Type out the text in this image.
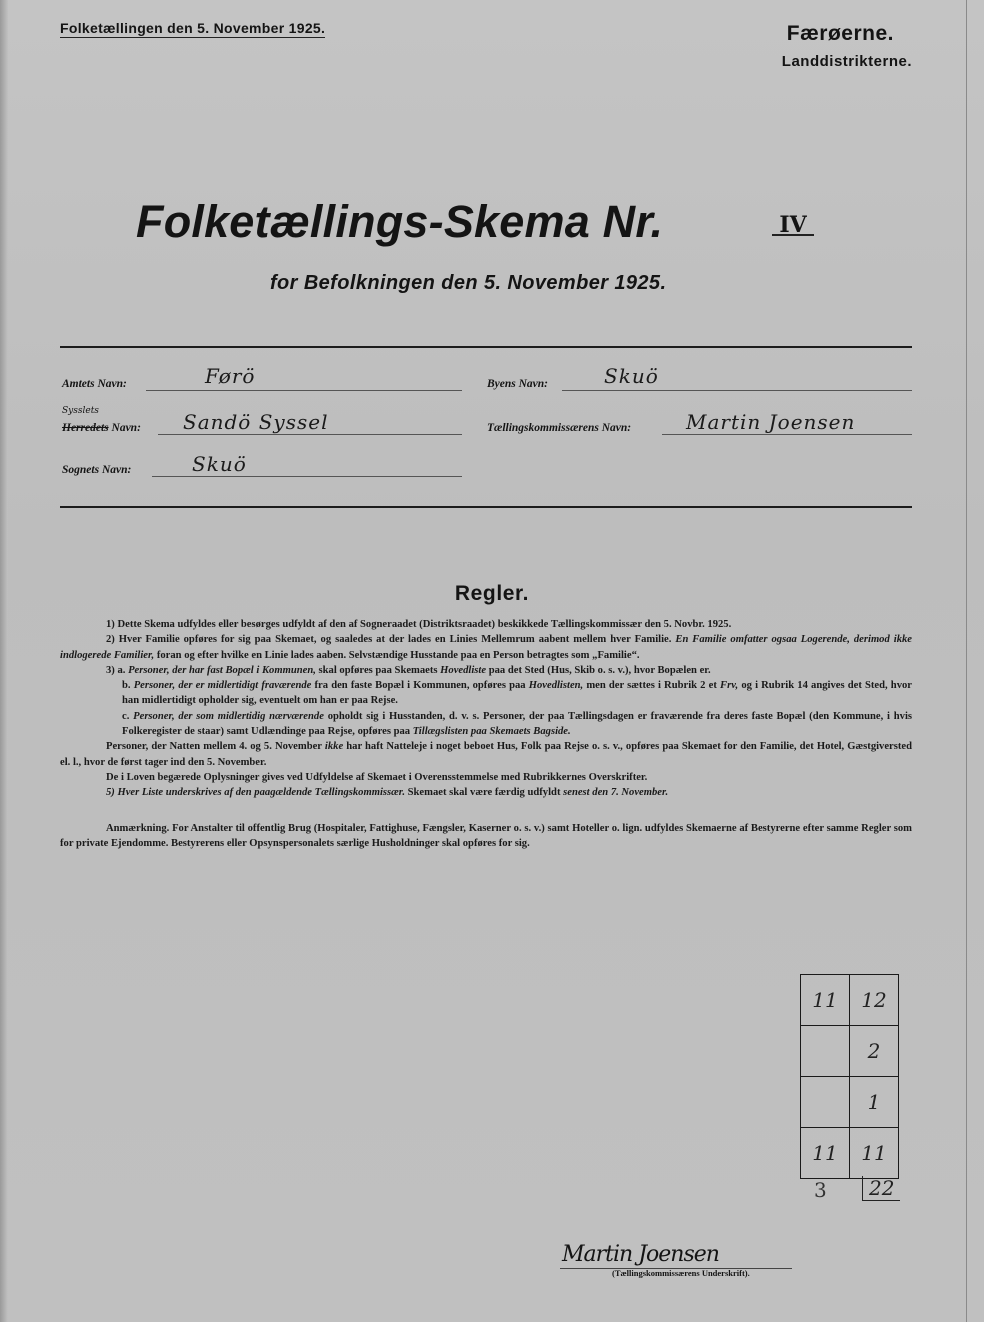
Folketællingen den 5. November 1925.	Færøerne.
Landdistrikterne.
Folketællings-Skema Nr.	IV
for Befolkningen den 5. November 1925.
Amtets Navn:	Førö
Sysslets
Herredets Navn: Sandö Syssel
Sognets Navn:	Skuö
Byens Navn:	Skuö
Tællingskommissærens Navn:	Martin Joensen
Regler.

1) Dette Skema udfyldes eller besørges udfyldt af den af Sogneraadet (Distriktsraadet) beskikkede Tællingskommissær den 5. Novbr. 1925.

2) Hver Familie opføres for sig paa Skemaet, og saaledes at der lades en Linies Mellemrum aabent mellem hver Familie. En Familie omfatter ogsaa Logerende, derimod ikke indlogerede Familier, foran og efter hvilke en Linie lades aaben. Selvstændige Husstande paa en Person betragtes som „Familie“.

3) a. Personer, der har fast Bopæl i Kommunen, skal opføres paa Skemaets Hovedliste paa det Sted (Hus, Skib o. s. v.), hvor Bopælen er.

b. Personer, der er midlertidigt fraværende fra den faste Bopæl i Kommunen, opføres paa Hovedlisten, men der sættes i Rubrik 2 et Frv, og i Rubrik 14 angives det Sted, hvor han midlertidigt opholder sig, eventuelt om han er paa Rejse.

c. Personer, der som midlertidig nærværende opholdt sig i Husstanden, d. v. s. Personer, der paa Tællingsdagen er fraværende fra deres faste Bopæl (den Kommune, i hvis Folkeregister de staar) samt Udlændinge paa Rejse, opføres paa Tillægslisten paa Skemaets Bagside.

Personer, der Natten mellem 4. og 5. November ikke har haft Natteleje i noget beboet Hus, Folk paa Rejse o. s. v., opføres paa Skemaet for den Familie, det Hotel, Gæstgiversted el. l., hvor de først tager ind den 5. November.

De i Loven begærede Oplysninger gives ved Udfyldelse af Skemaet i Overensstemmelse med Rubrikkernes Overskrifter.

5) Hver Liste underskrives af den paagældende Tællingskommissær. Skemaet skal være færdig udfyldt senest den 7. November.

Anmærkning. For Anstalter til offentlig Brug (Hospitaler, Fattighuse, Fængsler, Kaserner o. s. v.) samt Hoteller o. lign. udfyldes Skemaerne af Bestyrerne efter samme Regler som for private Ejendomme. Bestyrerens eller Opsynspersonalets særlige Husholdninger skal opføres for sig.

11	12
	2
	1
11	11
3	22
Martin Joensen
(Tællingskommissærens Underskrift).
